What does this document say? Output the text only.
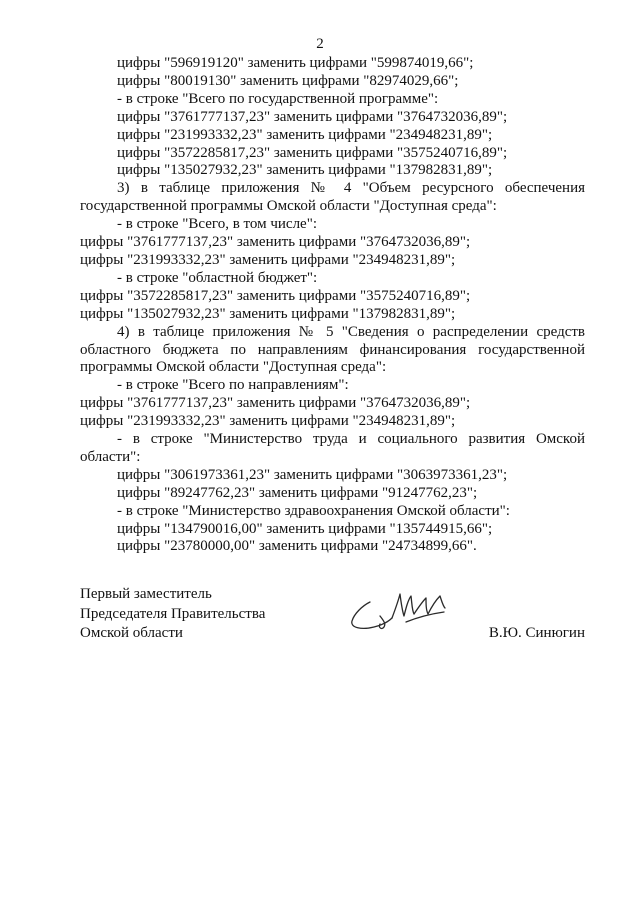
2
цифры "596919120" заменить цифрами "599874019,66";
цифры "80019130" заменить цифрами "82974029,66";
- в строке "Всего по государственной программе":
цифры "3761777137,23" заменить цифрами "3764732036,89";
цифры "231993332,23" заменить цифрами "234948231,89";
цифры "3572285817,23" заменить цифрами "3575240716,89";
цифры "135027932,23" заменить цифрами "137982831,89";
3) в таблице приложения № 4 "Объем ресурсного обеспечения
государственной программы Омской области "Доступная среда":
- в строке "Всего, в том числе":
цифры "3761777137,23" заменить цифрами "3764732036,89";
цифры "231993332,23" заменить цифрами "234948231,89";
- в строке "областной бюджет":
цифры "3572285817,23" заменить цифрами "3575240716,89";
цифры "135027932,23" заменить цифрами "137982831,89";
4) в таблице приложения № 5 "Сведения о распределении средств
областного бюджета по направлениям финансирования государственной
программы Омской области "Доступная среда":
- в строке "Всего по направлениям":
цифры "3761777137,23" заменить цифрами "3764732036,89";
цифры "231993332,23" заменить цифрами "234948231,89";
- в строке "Министерство труда и социального развития Омской
области":
цифры "3061973361,23" заменить цифрами "3063973361,23";
цифры "89247762,23" заменить цифрами "91247762,23";
- в строке "Министерство здравоохранения Омской области":
цифры "134790016,00" заменить цифрами "135744915,66";
цифры "23780000,00" заменить цифрами "24734899,66".
Первый заместитель
Председателя Правительства
Омской области	В.Ю. Синюгин
